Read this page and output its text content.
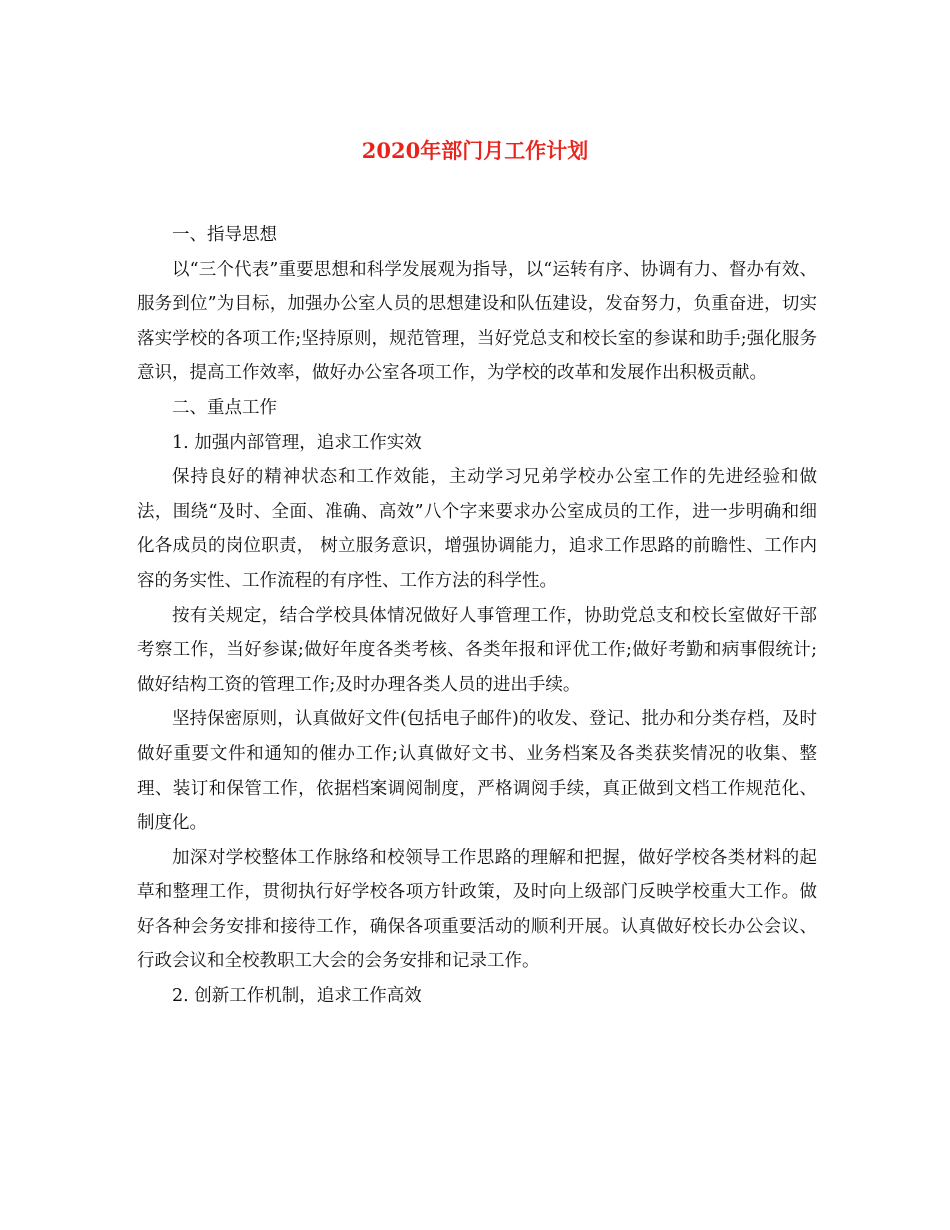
2020年部门月工作计划

一、指导思想

以“三个代表”重要思想和科学发展观为指导，以“运转有序、协调有力、督办有效、服务到位”为目标，加强办公室人员的思想建设和队伍建设，发奋努力，负重奋进，切实落实学校的各项工作;坚持原则，规范管理，当好党总支和校长室的参谋和助手;强化服务意识，提高工作效率，做好办公室各项工作，为学校的改革和发展作出积极贡献。

二、重点工作

1. 加强内部管理，追求工作实效

保持良好的精神状态和工作效能，主动学习兄弟学校办公室工作的先进经验和做法，围绕“及时、全面、准确、高效”八个字来要求办公室成员的工作，进一步明确和细化各成员的岗位职责， 树立服务意识，增强协调能力，追求工作思路的前瞻性、工作内容的务实性、工作流程的有序性、工作方法的科学性。

按有关规定，结合学校具体情况做好人事管理工作，协助党总支和校长室做好干部考察工作，当好参谋;做好年度各类考核、各类年报和评优工作;做好考勤和病事假统计;做好结构工资的管理工作;及时办理各类人员的进出手续。

坚持保密原则，认真做好文件(包括电子邮件)的收发、登记、批办和分类存档，及时做好重要文件和通知的催办工作;认真做好文书、业务档案及各类获奖情况的收集、整理、装订和保管工作，依据档案调阅制度，严格调阅手续，真正做到文档工作规范化、制度化。

加深对学校整体工作脉络和校领导工作思路的理解和把握，做好学校各类材料的起草和整理工作，贯彻执行好学校各项方针政策，及时向上级部门反映学校重大工作。做好各种会务安排和接待工作，确保各项重要活动的顺利开展。认真做好校长办公会议、行政会议和全校教职工大会的会务安排和记录工作。

2. 创新工作机制，追求工作高效
